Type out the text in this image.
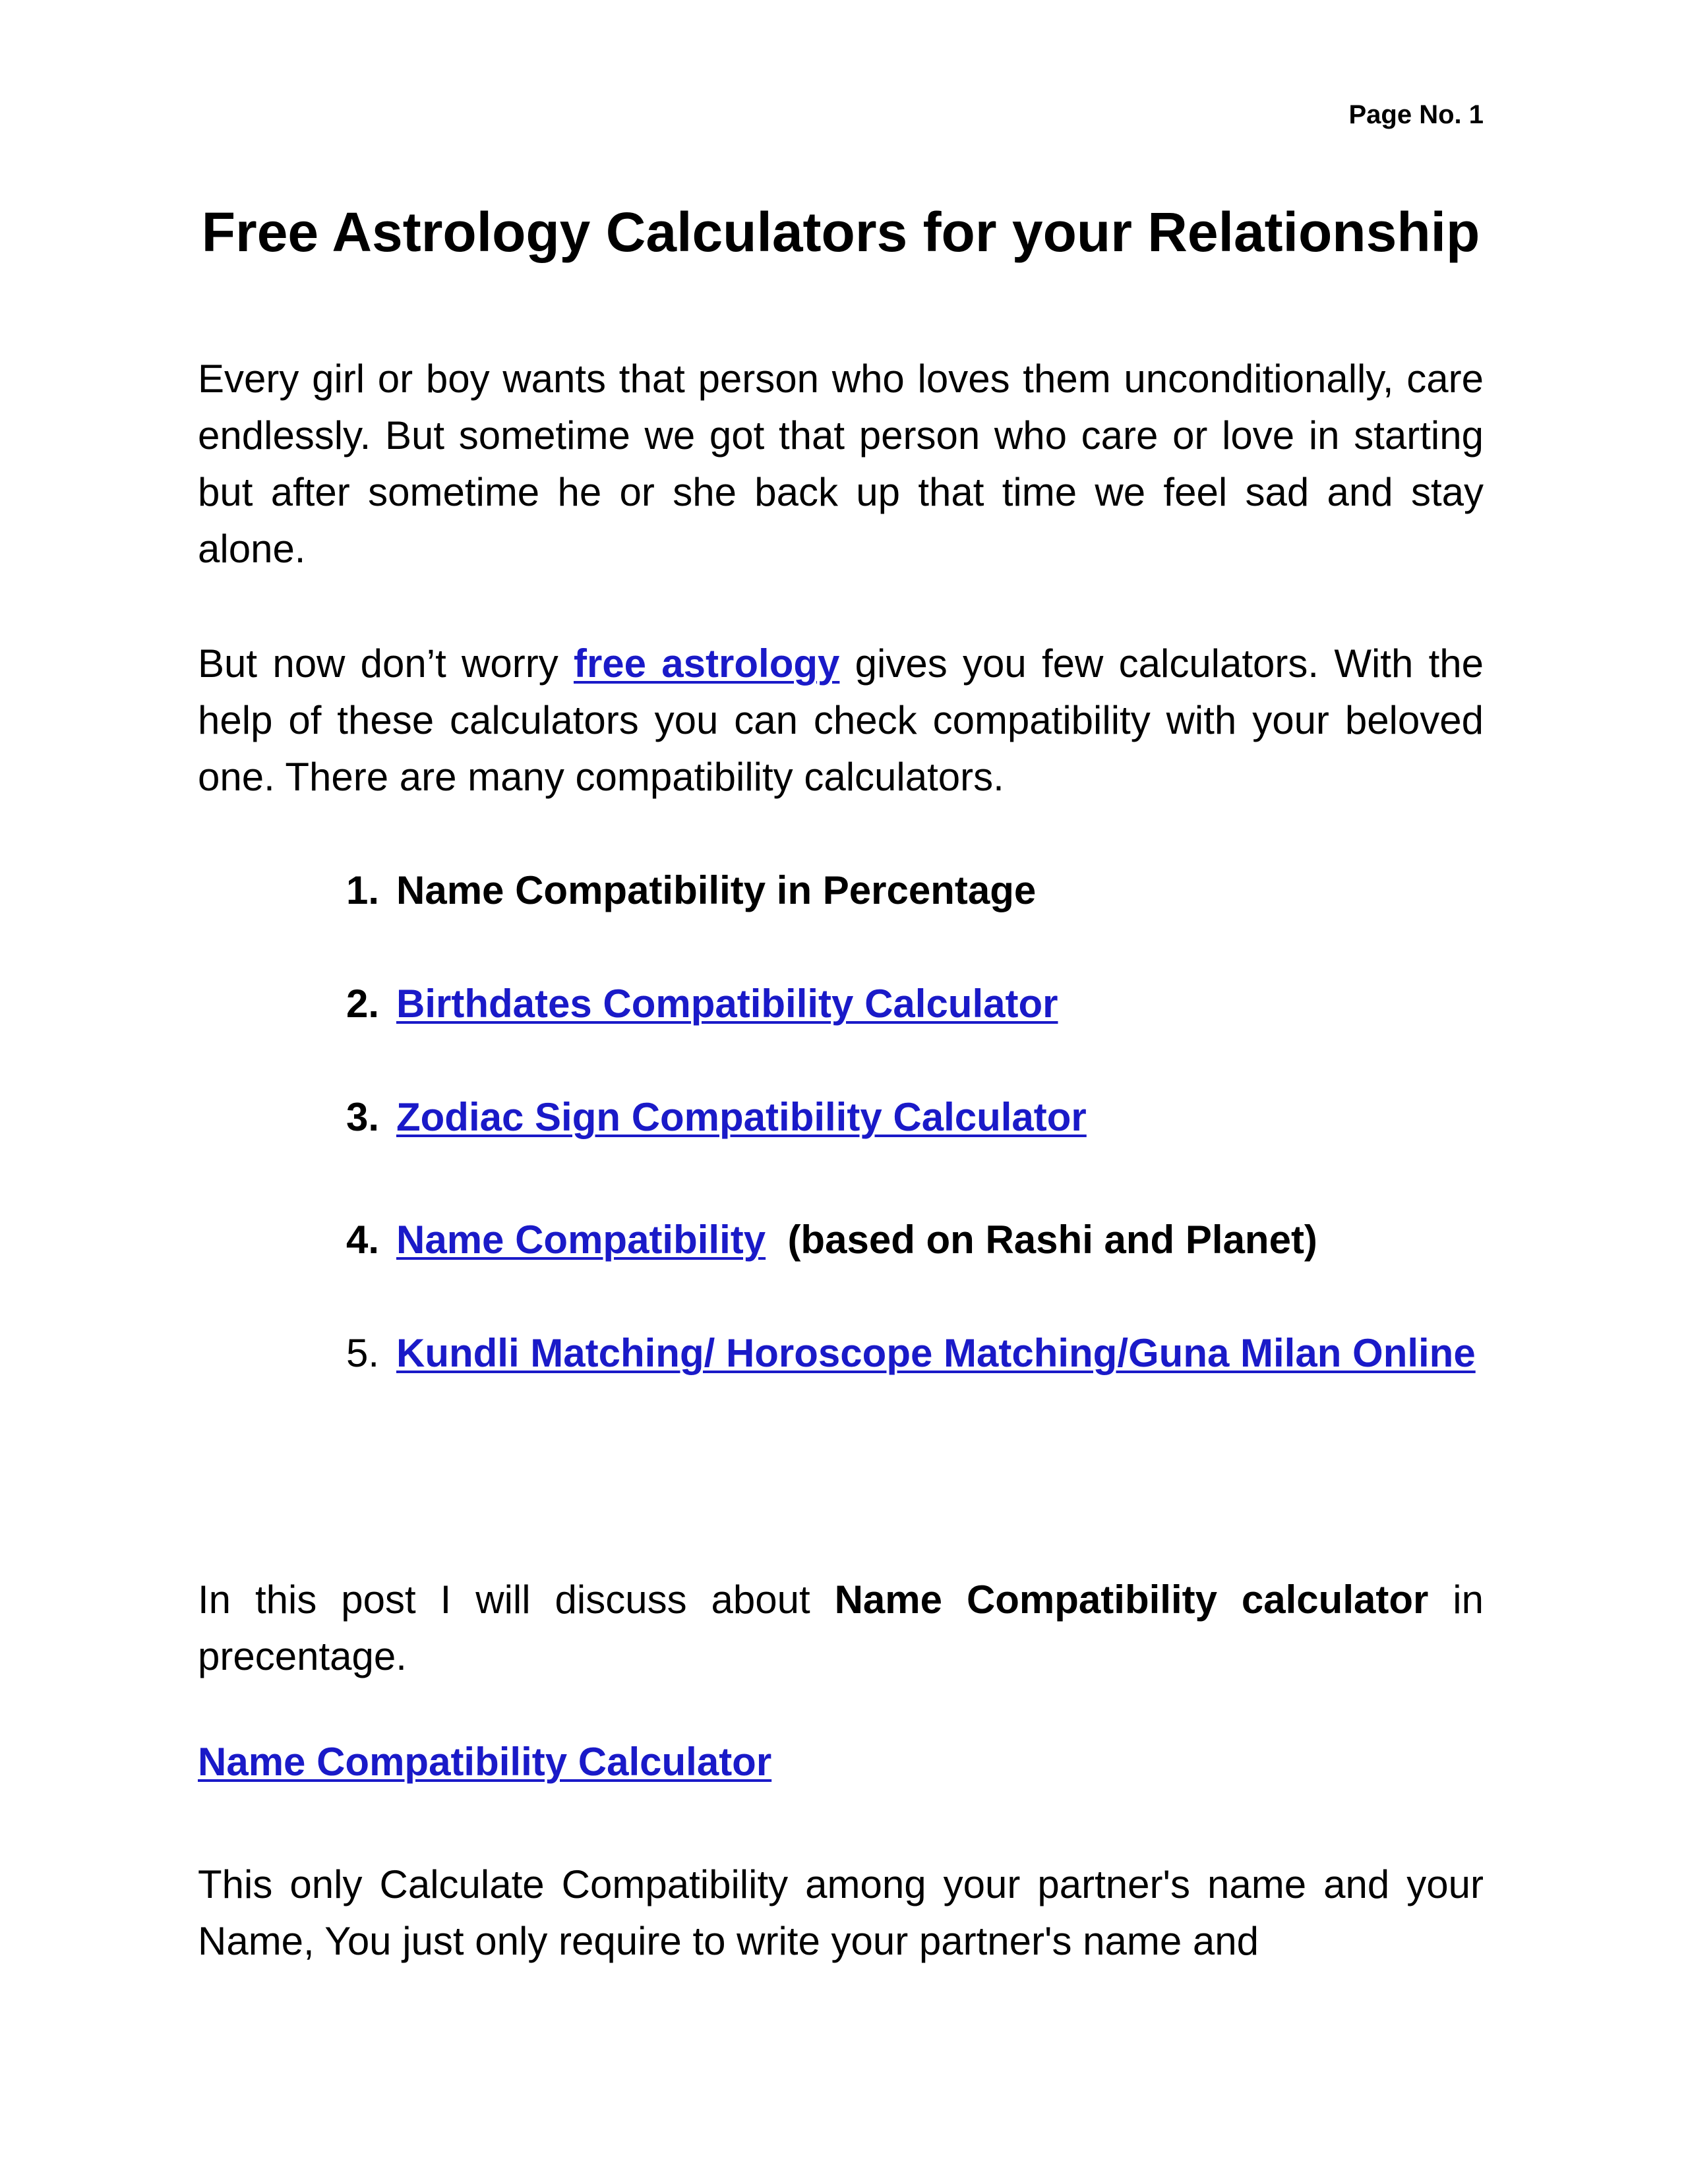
Page No. 1
Free Astrology Calculators for your Relationship

Every girl or boy wants that person who loves them unconditionally, care endlessly. But sometime we got that person who care or love in starting but after sometime he or she back up that time we feel sad and stay alone.

But now don’t worry free astrology gives you few calculators. With the help of these calculators you can check compatibility with your beloved one. There are many compatibility calculators.

1. Name Compatibility in Percentage
2. Birthdates Compatibility Calculator
3. Zodiac Sign Compatibility Calculator
4. Name Compatibility  (based on Rashi and Planet)
5. Kundli Matching/ Horoscope Matching/Guna Milan Online

In this post I will discuss about Name Compatibility calculator in precentage.

Name Compatibility Calculator

This only Calculate Compatibility among your partner's name and your Name, You just only require to write your partner's name and
